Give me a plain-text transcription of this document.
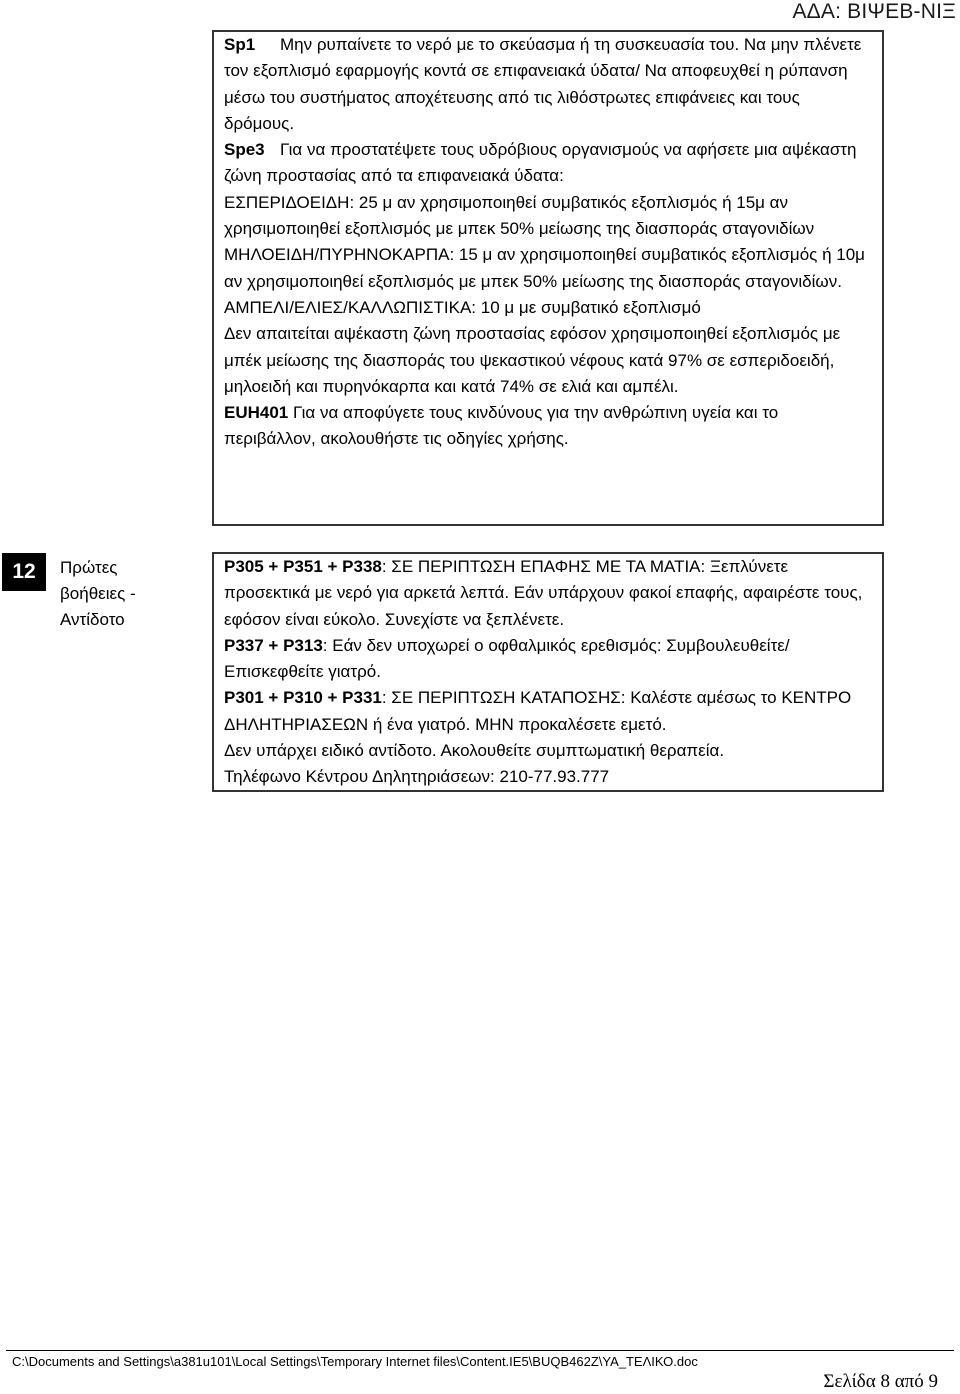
ΑΔΑ: ΒΙΨΕΒ-ΝΙΞ

Sp1 Μην ρυπαίνετε το νερό με το σκεύασμα ή τη συσκευασία του. Να μην πλένετε τον εξοπλισμό εφαρμογής κοντά σε επιφανειακά ύδατα/ Να αποφευχθεί η ρύπανση μέσω του συστήματος αποχέτευσης από τις λιθόστρωτες επιφάνειες και τους δρόμους.

Spe3 Για να προστατέψετε τους υδρόβιους οργανισμούς να αφήσετε μια αψέκαστη ζώνη προστασίας από τα επιφανειακά ύδατα:

ΕΣΠΕΡΙΔΟΕΙΔΗ: 25 μ αν χρησιμοποιηθεί συμβατικός εξοπλισμός ή 15μ αν χρησιμοποιηθεί εξοπλισμός με μπεκ 50% μείωσης της διασποράς σταγονιδίων

ΜΗΛΟΕΙΔΗ/ΠΥΡΗΝΟΚΑΡΠΑ: 15 μ αν χρησιμοποιηθεί συμβατικός εξοπλισμός ή 10μ αν χρησιμοποιηθεί εξοπλισμός με μπεκ 50% μείωσης της διασποράς σταγονιδίων.

ΑΜΠΕΛΙ/ΕΛΙΕΣ/ΚΑΛΛΩΠΙΣΤΙΚΑ: 10 μ με συμβατικό εξοπλισμό

Δεν απαιτείται αψέκαστη ζώνη προστασίας εφόσον χρησιμοποιηθεί εξοπλισμός με μπέκ μείωσης της διασποράς του ψεκαστικού νέφους κατά 97% σε εσπεριδοειδή, μηλοειδή και πυρηνόκαρπα και κατά 74% σε ελιά και αμπέλι.

EUH401 Για να αποφύγετε τους κινδύνους για την ανθρώπινη υγεία και το περιβάλλον, ακολουθήστε τις οδηγίες χρήσης.

12	Πρώτες
βοήθειες -
Αντίδοτο

P305 + P351 + P338: ΣΕ ΠΕΡΙΠΤΩΣΗ ΕΠΑΦΗΣ ΜΕ ΤΑ ΜΑΤΙΑ: Ξεπλύνετε προσεκτικά με νερό για αρκετά λεπτά. Εάν υπάρχουν φακοί επαφής, αφαιρέστε τους, εφόσον είναι εύκολο. Συνεχίστε να ξεπλένετε.

P337 + P313: Εάν δεν υποχωρεί ο οφθαλμικός ερεθισμός: Συμβουλευθείτε/ Επισκεφθείτε γιατρό.

P301 + P310 + P331: ΣΕ ΠΕΡΙΠΤΩΣΗ ΚΑΤΑΠΟΣΗΣ: Καλέστε αμέσως το ΚΕΝΤΡΟ ΔΗΛΗΤΗΡΙΑΣΕΩΝ ή ένα γιατρό. ΜΗΝ προκαλέσετε εμετό.

Δεν υπάρχει ειδικό αντίδοτο. Ακολουθείτε συμπτωματική θεραπεία.

Τηλέφωνο Κέντρου Δηλητηριάσεων: 210-77.93.777

C:\Documents and Settings\a381u101\Local Settings\Temporary Internet files\Content.IE5\BUQB462Z\ΥΑ_ΤΕΛΙΚΟ.doc
Σελίδα 8 από 9
